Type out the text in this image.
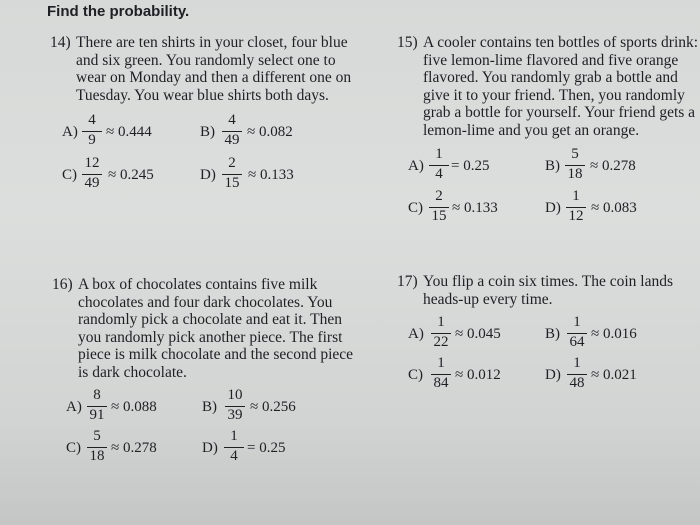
Find the probability.
14) There are ten shirts in your closet, four blue
and six green. You randomly select one to
wear on Monday and then a different one on
Tuesday. You wear blue shirts both days.
A)
4
9 ≈ 0.444	B)
4
49 ≈ 0.082
C)
12
49 ≈ 0.245	D)
2
15 ≈ 0.133
15) A cooler contains ten bottles of sports drink:
five lemon-lime flavored and five orange
flavored. You randomly grab a bottle and
give it to your friend. Then, you randomly
grab a bottle for yourself. Your friend gets a
lemon-lime and you get an orange.
A)
1
4 = 0.25	B)
5
18 ≈ 0.278
C)
2
15 ≈ 0.133	D)
1
12 ≈ 0.083
16) A box of chocolates contains five milk
chocolates and four dark chocolates. You
randomly pick a chocolate and eat it. Then
you randomly pick another piece. The first
piece is milk chocolate and the second piece
is dark chocolate.
A)
8
91 ≈ 0.088	B)
10
39 ≈ 0.256
C)
5
18 ≈ 0.278	D)
1
4 = 0.25
17) You flip a coin six times. The coin lands
heads-up every time.
A)
1
22 ≈ 0.045	B)
1
64 ≈ 0.016
C)
1
84 ≈ 0.012	D)
1
48 ≈ 0.021
